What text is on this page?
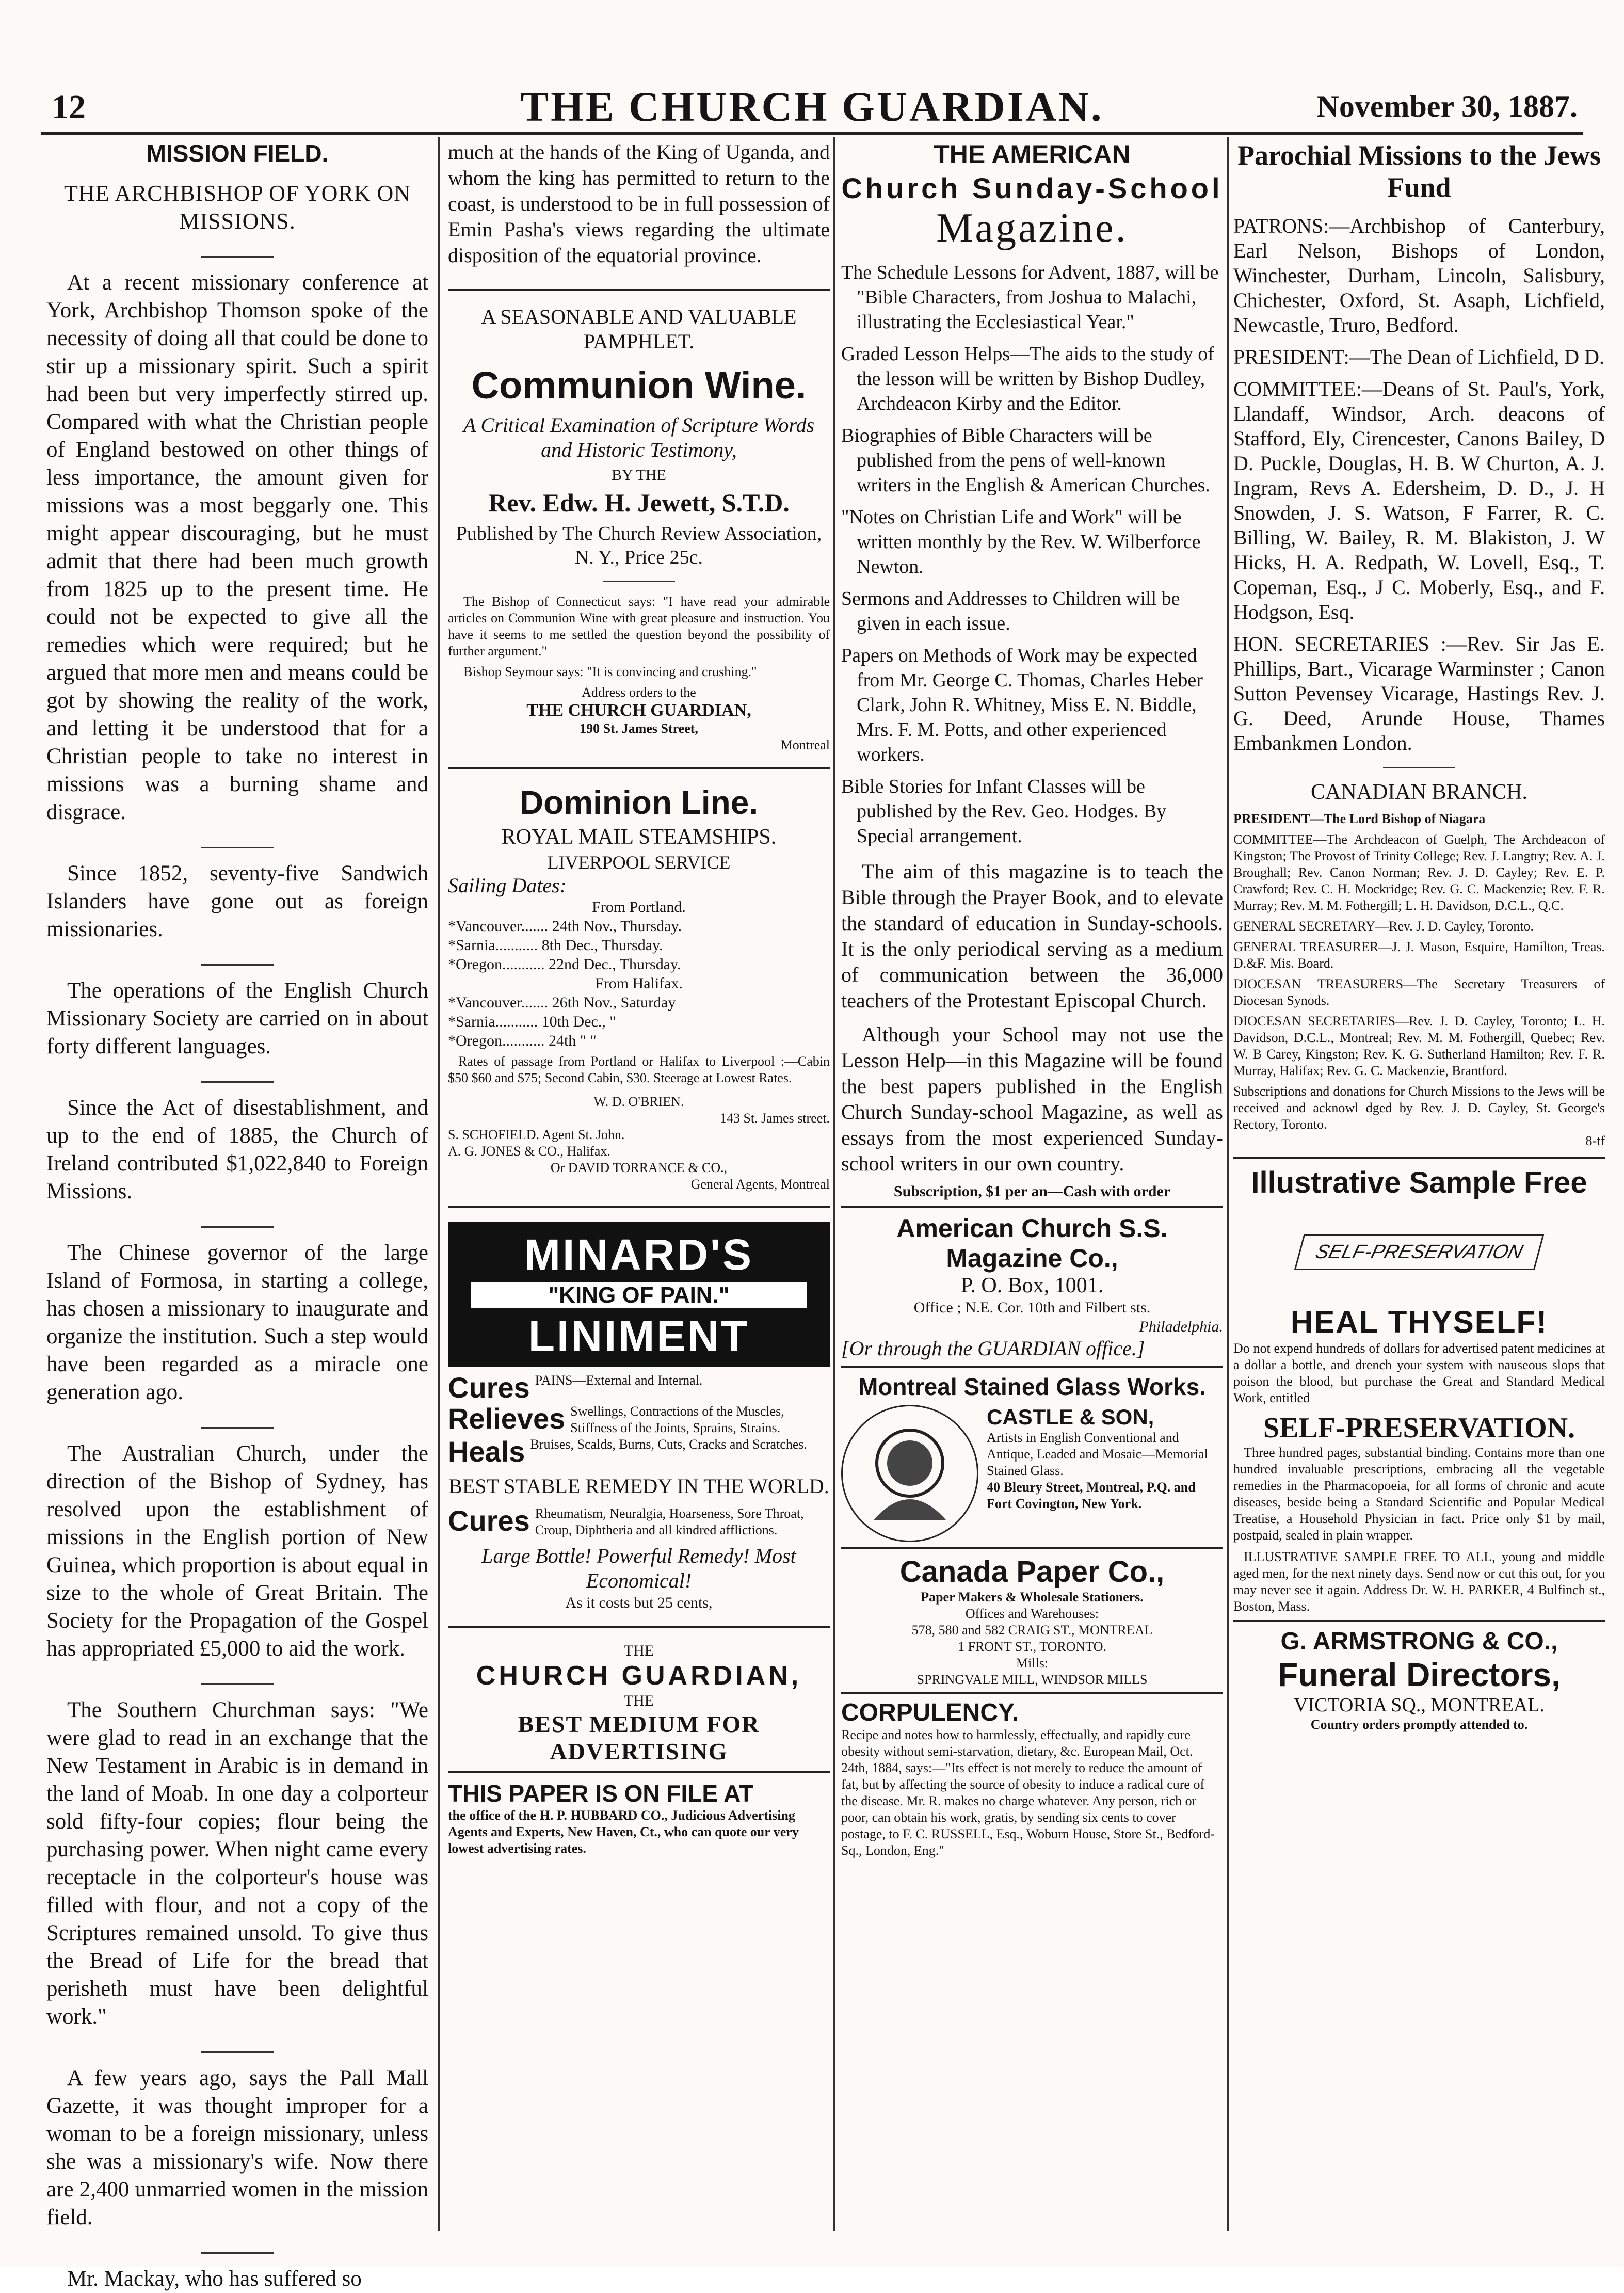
12	THE CHURCH GUARDIAN.	November 30, 1887.
MISSION FIELD.

THE ARCHBISHOP OF YORK ON MISSIONS.

At a recent missionary conference at York, Archbishop Thomson spoke of the necessity of doing all that could be done to stir up a missionary spirit. Such a spirit had been but very imperfectly stirred up. Compared with what the Christian people of England bestowed on other things of less importance, the amount given for missions was a most beggarly one. This might appear discouraging, but he must admit that there had been much growth from 1825 up to the present time. He could not be expected to give all the remedies which were required; but he argued that more men and means could be got by showing the reality of the work, and letting it be understood that for a Christian people to take no interest in missions was a burning shame and disgrace.

Since 1852, seventy-five Sandwich Islanders have gone out as foreign missionaries.

The operations of the English Church Missionary Society are carried on in about forty different languages.

Since the Act of disestablishment, and up to the end of 1885, the Church of Ireland contributed $1,022,840 to Foreign Missions.

The Chinese governor of the large Island of Formosa, in starting a college, has chosen a missionary to inaugurate and organize the institution. Such a step would have been regarded as a miracle one generation ago.

The Australian Church, under the direction of the Bishop of Sydney, has resolved upon the establishment of missions in the English portion of New Guinea, which proportion is about equal in size to the whole of Great Britain. The Society for the Propagation of the Gospel has appropriated £5,000 to aid the work.

The Southern Churchman says: "We were glad to read in an exchange that the New Testament in Arabic is in demand in the land of Moab. In one day a colporteur sold fifty-four copies; flour being the purchasing power. When night came every receptacle in the colporteur's house was filled with flour, and not a copy of the Scriptures remained unsold. To give thus the Bread of Life for the bread that perisheth must have been delightful work."

A few years ago, says the Pall Mall Gazette, it was thought improper for a woman to be a foreign missionary, unless she was a missionary's wife. Now there are 2,400 unmarried women in the mission field.

Mr. Mackay, who has suffered so

much at the hands of the King of Uganda, and whom the king has permitted to return to the coast, is understood to be in full possession of Emin Pasha's views regarding the ultimate disposition of the equatorial province.

A SEASONABLE AND VALUABLE PAMPHLET.

Communion Wine.

A Critical Examination of Scripture Words and Historic Testimony,

BY THE
Rev. Edw. H. Jewett, S.T.D.

Published by The Church Review Association, N. Y., Price 25c.

The Bishop of Connecticut says: "I have read your admirable articles on Communion Wine with great pleasure and instruction. You have it seems to me settled the question beyond the possibility of further argument."

Bishop Seymour says: "It is convincing and crushing."

Address orders to the
THE CHURCH GUARDIAN,
190 St. James Street,
Montreal
Dominion Line.
ROYAL MAIL STEAMSHIPS.
LIVERPOOL SERVICE
Sailing Dates:
From Portland.
*Vancouver....... 24th Nov., Thursday.
*Sarnia........... 8th Dec., Thursday.
*Oregon........... 22nd Dec., Thursday.
From Halifax.
*Vancouver....... 26th Nov., Saturday
*Sarnia........... 10th Dec., "
*Oregon........... 24th " "

Rates of passage from Portland or Halifax to Liverpool :—Cabin $50 $60 and $75; Second Cabin, $30. Steerage at Lowest Rates.

W. D. O'BRIEN.
143 St. James street.
S. SCHOFIELD. Agent St. John.
A. G. JONES & CO., Halifax.
Or DAVID TORRANCE & CO.,
General Agents, Montreal
MINARD'S
"KING OF PAIN."
LINIMENT
Cures PAINS—External and Internal.
Relieves Swellings, Contractions of the Muscles, Stiffness of the Joints, Sprains, Strains.
Heals Bruises, Scalds, Burns, Cuts, Cracks and Scratches.
BEST STABLE REMEDY IN THE WORLD.
Cures Rheumatism, Neuralgia, Hoarseness, Sore Throat, Croup, Diphtheria and all kindred afflictions.
Large Bottle! Powerful Remedy! Most Economical!
As it costs but 25 cents,
THE
CHURCH GUARDIAN,
THE
BEST MEDIUM FOR ADVERTISING
THIS PAPER IS ON FILE AT
the office of the H. P. HUBBARD CO., Judicious Advertising Agents and Experts, New Haven, Ct., who can quote our very lowest advertising rates.
THE AMERICAN
Church Sunday-School
Magazine.
The Schedule Lessons for Advent, 1887, will be "Bible Characters, from Joshua to Malachi, illustrating the Ecclesiastical Year."
Graded Lesson Helps—The aids to the study of the lesson will be written by Bishop Dudley, Archdeacon Kirby and the Editor.
Biographies of Bible Characters will be published from the pens of well-known writers in the English & American Churches.
"Notes on Christian Life and Work" will be written monthly by the Rev. W. Wilberforce Newton.
Sermons and Addresses to Children will be given in each issue.
Papers on Methods of Work may be expected from Mr. George C. Thomas, Charles Heber Clark, John R. Whitney, Miss E. N. Biddle, Mrs. F. M. Potts, and other experienced workers.
Bible Stories for Infant Classes will be published by the Rev. Geo. Hodges. By Special arrangement.

The aim of this magazine is to teach the Bible through the Prayer Book, and to elevate the standard of education in Sunday-schools. It is the only periodical serving as a medium of communication between the 36,000 teachers of the Protestant Episcopal Church.

Although your School may not use the Lesson Help—in this Magazine will be found the best papers published in the English Church Sunday-school Magazine, as well as essays from the most experienced Sunday-school writers in our own country.

Subscription, $1 per an—Cash with order
American Church S.S. Magazine Co.,
P. O. Box, 1001.
Office ; N.E. Cor. 10th and Filbert sts.
Philadelphia.
[Or through the GUARDIAN office.]
Montreal Stained Glass Works.
CASTLE & SON,
Artists in English Conventional and Antique, Leaded and Mosaic—Memorial Stained Glass.
40 Bleury Street, Montreal, P.Q. and Fort Covington, New York.
Canada Paper Co.,
Paper Makers & Wholesale Stationers.
Offices and Warehouses:
578, 580 and 582 CRAIG ST., MONTREAL
1 FRONT ST., TORONTO.
Mills:
SPRINGVALE MILL, WINDSOR MILLS
CORPULENCY.
Recipe and notes how to harmlessly, effectually, and rapidly cure obesity without semi-starvation, dietary, &c. European Mail, Oct. 24th, 1884, says:—"Its effect is not merely to reduce the amount of fat, but by affecting the source of obesity to induce a radical cure of the disease. Mr. R. makes no charge whatever. Any person, rich or poor, can obtain his work, gratis, by sending six cents to cover postage, to F. C. RUSSELL, Esq., Woburn House, Store St., Bedford-Sq., London, Eng."
Parochial Missions to the Jews Fund

PATRONS:—Archbishop of Canterbury, Earl Nelson, Bishops of London, Winchester, Durham, Lincoln, Salisbury, Chichester, Oxford, St. Asaph, Lichfield, Newcastle, Truro, Bedford.

PRESIDENT:—The Dean of Lichfield, D D.

COMMITTEE:—Deans of St. Paul's, York, Llandaff, Windsor, Arch. deacons of Stafford, Ely, Cirencester, Canons Bailey, D D. Puckle, Douglas, H. B. W Churton, A. J. Ingram, Revs A. Edersheim, D. D., J. H Snowden, J. S. Watson, F Farrer, R. C. Billing, W. Bailey, R. M. Blakiston, J. W Hicks, H. A. Redpath, W. Lovell, Esq., T. Copeman, Esq., J C. Moberly, Esq., and F. Hodgson, Esq.

HON. SECRETARIES :—Rev. Sir Jas E. Phillips, Bart., Vicarage Warminster ; Canon Sutton Pevensey Vicarage, Hastings Rev. J. G. Deed, Arunde House, Thames Embankmen London.

CANADIAN BRANCH.

PRESIDENT—The Lord Bishop of Niagara

COMMITTEE—The Archdeacon of Guelph, The Archdeacon of Kingston; The Provost of Trinity College; Rev. J. Langtry; Rev. A. J. Broughall; Rev. Canon Norman; Rev. J. D. Cayley; Rev. E. P. Crawford; Rev. C. H. Mockridge; Rev. G. C. Mackenzie; Rev. F. R. Murray; Rev. M. M. Fothergill; L. H. Davidson, D.C.L., Q.C.

GENERAL SECRETARY—Rev. J. D. Cayley, Toronto.

GENERAL TREASURER—J. J. Mason, Esquire, Hamilton, Treas. D.&F. Mis. Board.

DIOCESAN TREASURERS—The Secretary Treasurers of Diocesan Synods.

DIOCESAN SECRETARIES—Rev. J. D. Cayley, Toronto; L. H. Davidson, D.C.L., Montreal; Rev. M. M. Fothergill, Quebec; Rev. W. B Carey, Kingston; Rev. K. G. Sutherland Hamilton; Rev. F. R. Murray, Halifax; Rev. G. C. Mackenzie, Brantford.

Subscriptions and donations for Church Missions to the Jews will be received and acknowl dged by Rev. J. D. Cayley, St. George's Rectory, Toronto.

8-tf
Illustrative Sample Free
SELF-PRESERVATION
HEAL THYSELF!

Do not expend hundreds of dollars for advertised patent medicines at a dollar a bottle, and drench your system with nauseous slops that poison the blood, but purchase the Great and Standard Medical Work, entitled

SELF-PRESERVATION.

Three hundred pages, substantial binding. Contains more than one hundred invaluable prescriptions, embracing all the vegetable remedies in the Pharmacopoeia, for all forms of chronic and acute diseases, beside being a Standard Scientific and Popular Medical Treatise, a Household Physician in fact. Price only $1 by mail, postpaid, sealed in plain wrapper.

ILLUSTRATIVE SAMPLE FREE TO ALL, young and middle aged men, for the next ninety days. Send now or cut this out, for you may never see it again. Address Dr. W. H. PARKER, 4 Bulfinch st., Boston, Mass.

G. ARMSTRONG & CO.,
Funeral Directors,
VICTORIA SQ., MONTREAL.
Country orders promptly attended to.
